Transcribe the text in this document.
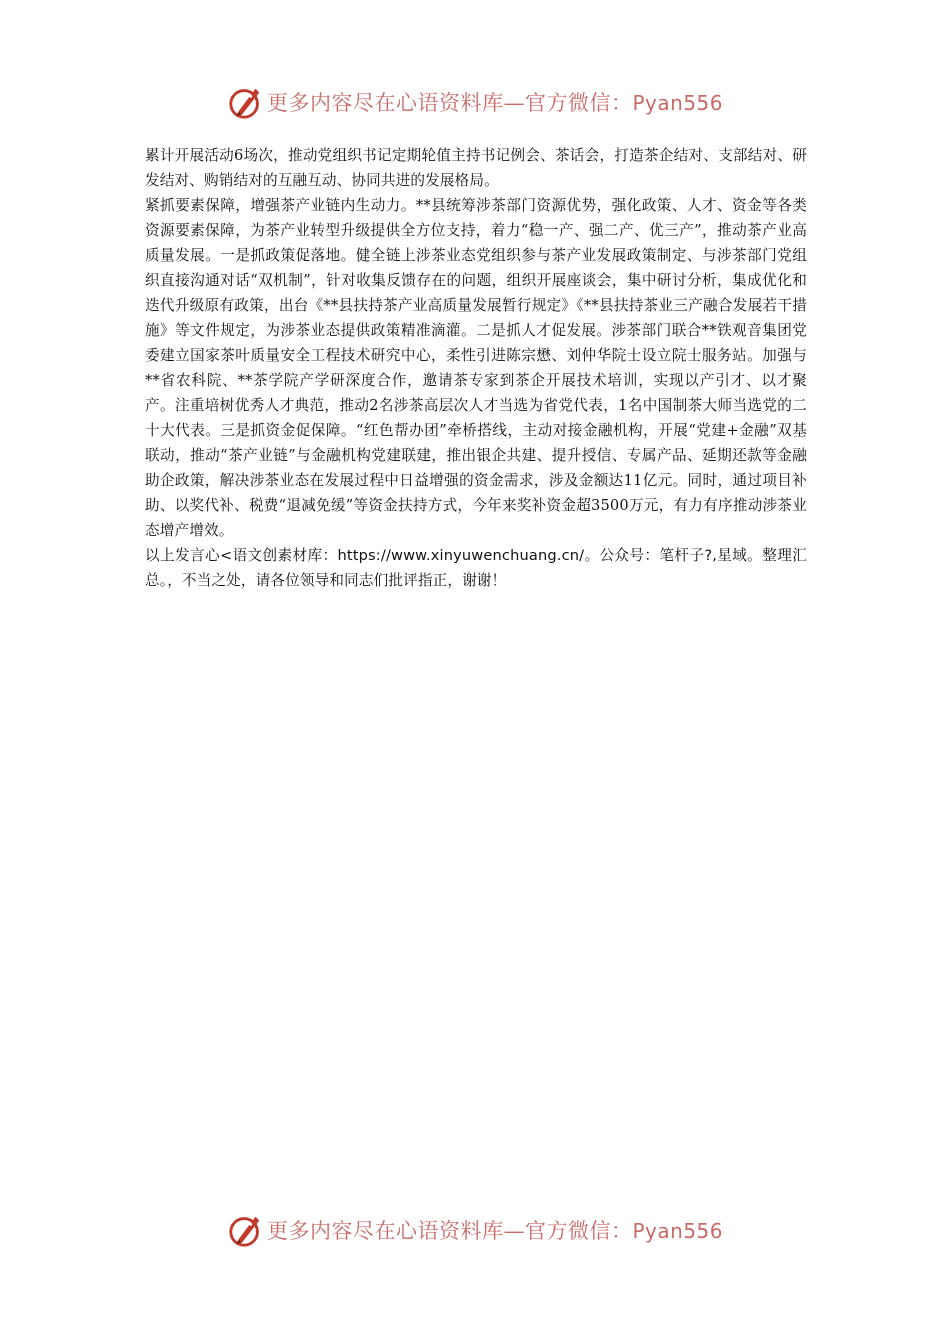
更多内容尽在心语资料库—官方微信：Pyan556

累计开展活动6场次，推动党组织书记定期轮值主持书记例会、茶话会，打造茶企结对、支部结对、研发结对、购销结对的互融互动、协同共进的发展格局。

紧抓要素保障，增强茶产业链内生动力。**县统筹涉茶部门资源优势，强化政策、人才、资金等各类资源要素保障，为茶产业转型升级提供全方位支持，着力“稳一产、强二产、优三产”，推动茶产业高质量发展。一是抓政策促落地。健全链上涉茶业态党组织参与茶产业发展政策制定、与涉茶部门党组织直接沟通对话“双机制”，针对收集反馈存在的问题，组织开展座谈会，集中研讨分析，集成优化和迭代升级原有政策，出台《**县扶持茶产业高质量发展暂行规定》《**县扶持茶业三产融合发展若干措施》等文件规定，为涉茶业态提供政策精准滴灌。二是抓人才促发展。涉茶部门联合**铁观音集团党委建立国家茶叶质量安全工程技术研究中心，柔性引进陈宗懋、刘仲华院士设立院士服务站。加强与**省农科院、**茶学院产学研深度合作，邀请茶专家到茶企开展技术培训，实现以产引才、以才聚产。注重培树优秀人才典范，推动2名涉茶高层次人才当选为省党代表，1名中国制茶大师当选党的二十大代表。三是抓资金促保障。“红色帮办团”牵桥搭线，主动对接金融机构，开展“党建+金融”双基联动，推动“茶产业链”与金融机构党建联建，推出银企共建、提升授信、专属产品、延期还款等金融助企政策，解决涉茶业态在发展过程中日益增强的资金需求，涉及金额达11亿元。同时，通过项目补助、以奖代补、税费“退减免缓”等资金扶持方式，今年来奖补资金超3500万元，有力有序推动涉茶业态增产增效。

以上发言心<语文创素材库：https://www.xinyuwenchuang.cn/。公众号：笔杆子?,星域。整理汇总。，不当之处，请各位领导和同志们批评指正，谢谢！

更多内容尽在心语资料库—官方微信：Pyan556
